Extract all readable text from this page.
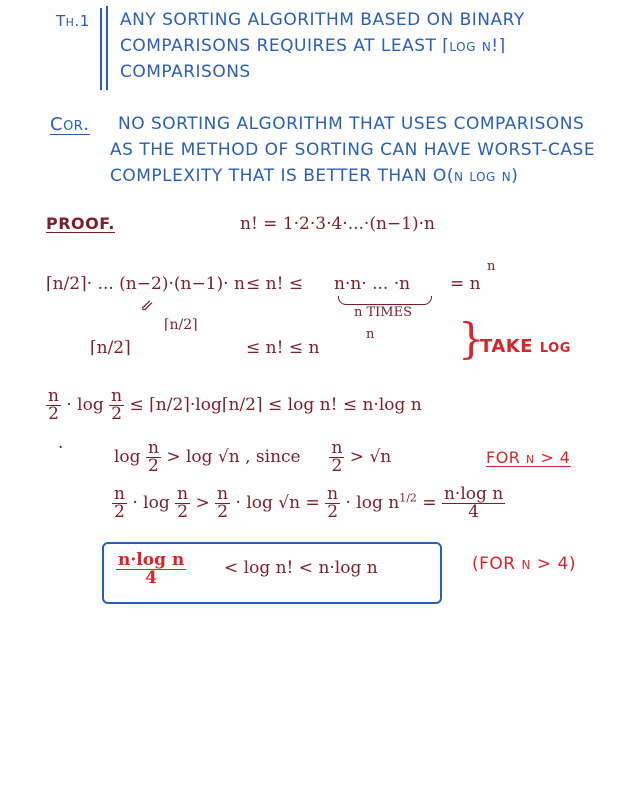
Th.1 ANY SORTING ALGORITHM BASED ON BINARY
COMPARISONS REQUIRES AT LEAST ⌈log n!⌉
COMPARISONS
Cor. NO SORTING ALGORITHM THAT USES COMPARISONS
AS THE METHOD OF SORTING CAN HAVE WORST-CASE
COMPLEXITY THAT IS BETTER THAN O(n log n)
PROOF.	n! = 1·2·3·4·...·(n−1)·n
⌈n/2⌉· ... (n−2)·(n−1)· n ≤ n! ≤ n·n· ... ·n
n TIMES
= n
n
⇙
⌈n/2⌉
⌈n/2⌉
≤ n! ≤ n
n }
TAKE log
$\frac{n}{2} \cdot \log \frac{n}{2}$ ≤ ⌈n/2⌉·log⌈n/2⌉ ≤ log n! ≤ n·log n
·	$\log \frac{n}{2} > \log √n$ , since $\frac{n}{2} > √n$	FOR n > 4
$\frac{n}{2} \cdot \log \frac{n}{2} > \frac{n}{2} \cdot \log √n = \frac{n}{2} \cdot \log n^{1/2} = \frac{\text{n·log n}}{4}$
$\frac{\text{n·log n}}{4} < \log n$! < n·log n	(FOR n > 4)
